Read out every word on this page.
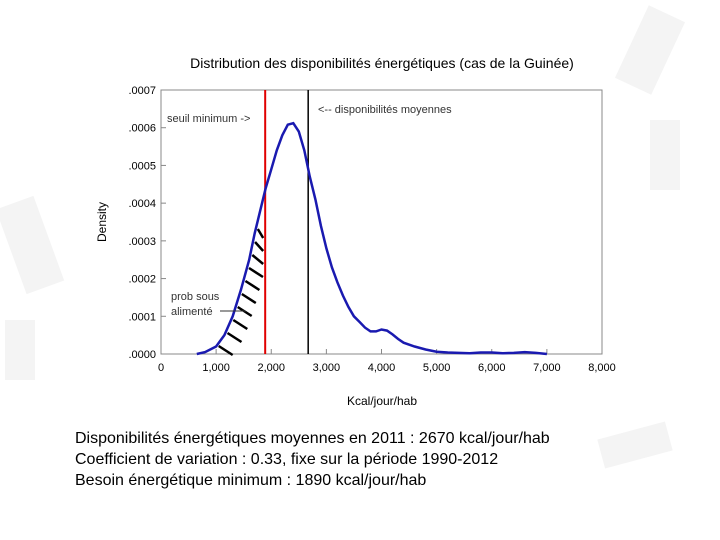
Distribution des disponibilités énergétiques (cas de la Guinée)
.0000
.0001
.0002
.0003
.0004
.0005
.0006
.0007
0	1,000	2,000	3,000	4,000	5,000	6,000	7,000	8,000
Density
Kcal/jour/hab
seuil minimum ->
<-- disponibilités moyennes
prob sous
alimenté
Disponibilités énergétiques moyennes en 2011 : 2670 kcal/jour/hab
Coefficient de variation : 0.33, fixe sur la période 1990-2012
Besoin énergétique minimum : 1890 kcal/jour/hab
